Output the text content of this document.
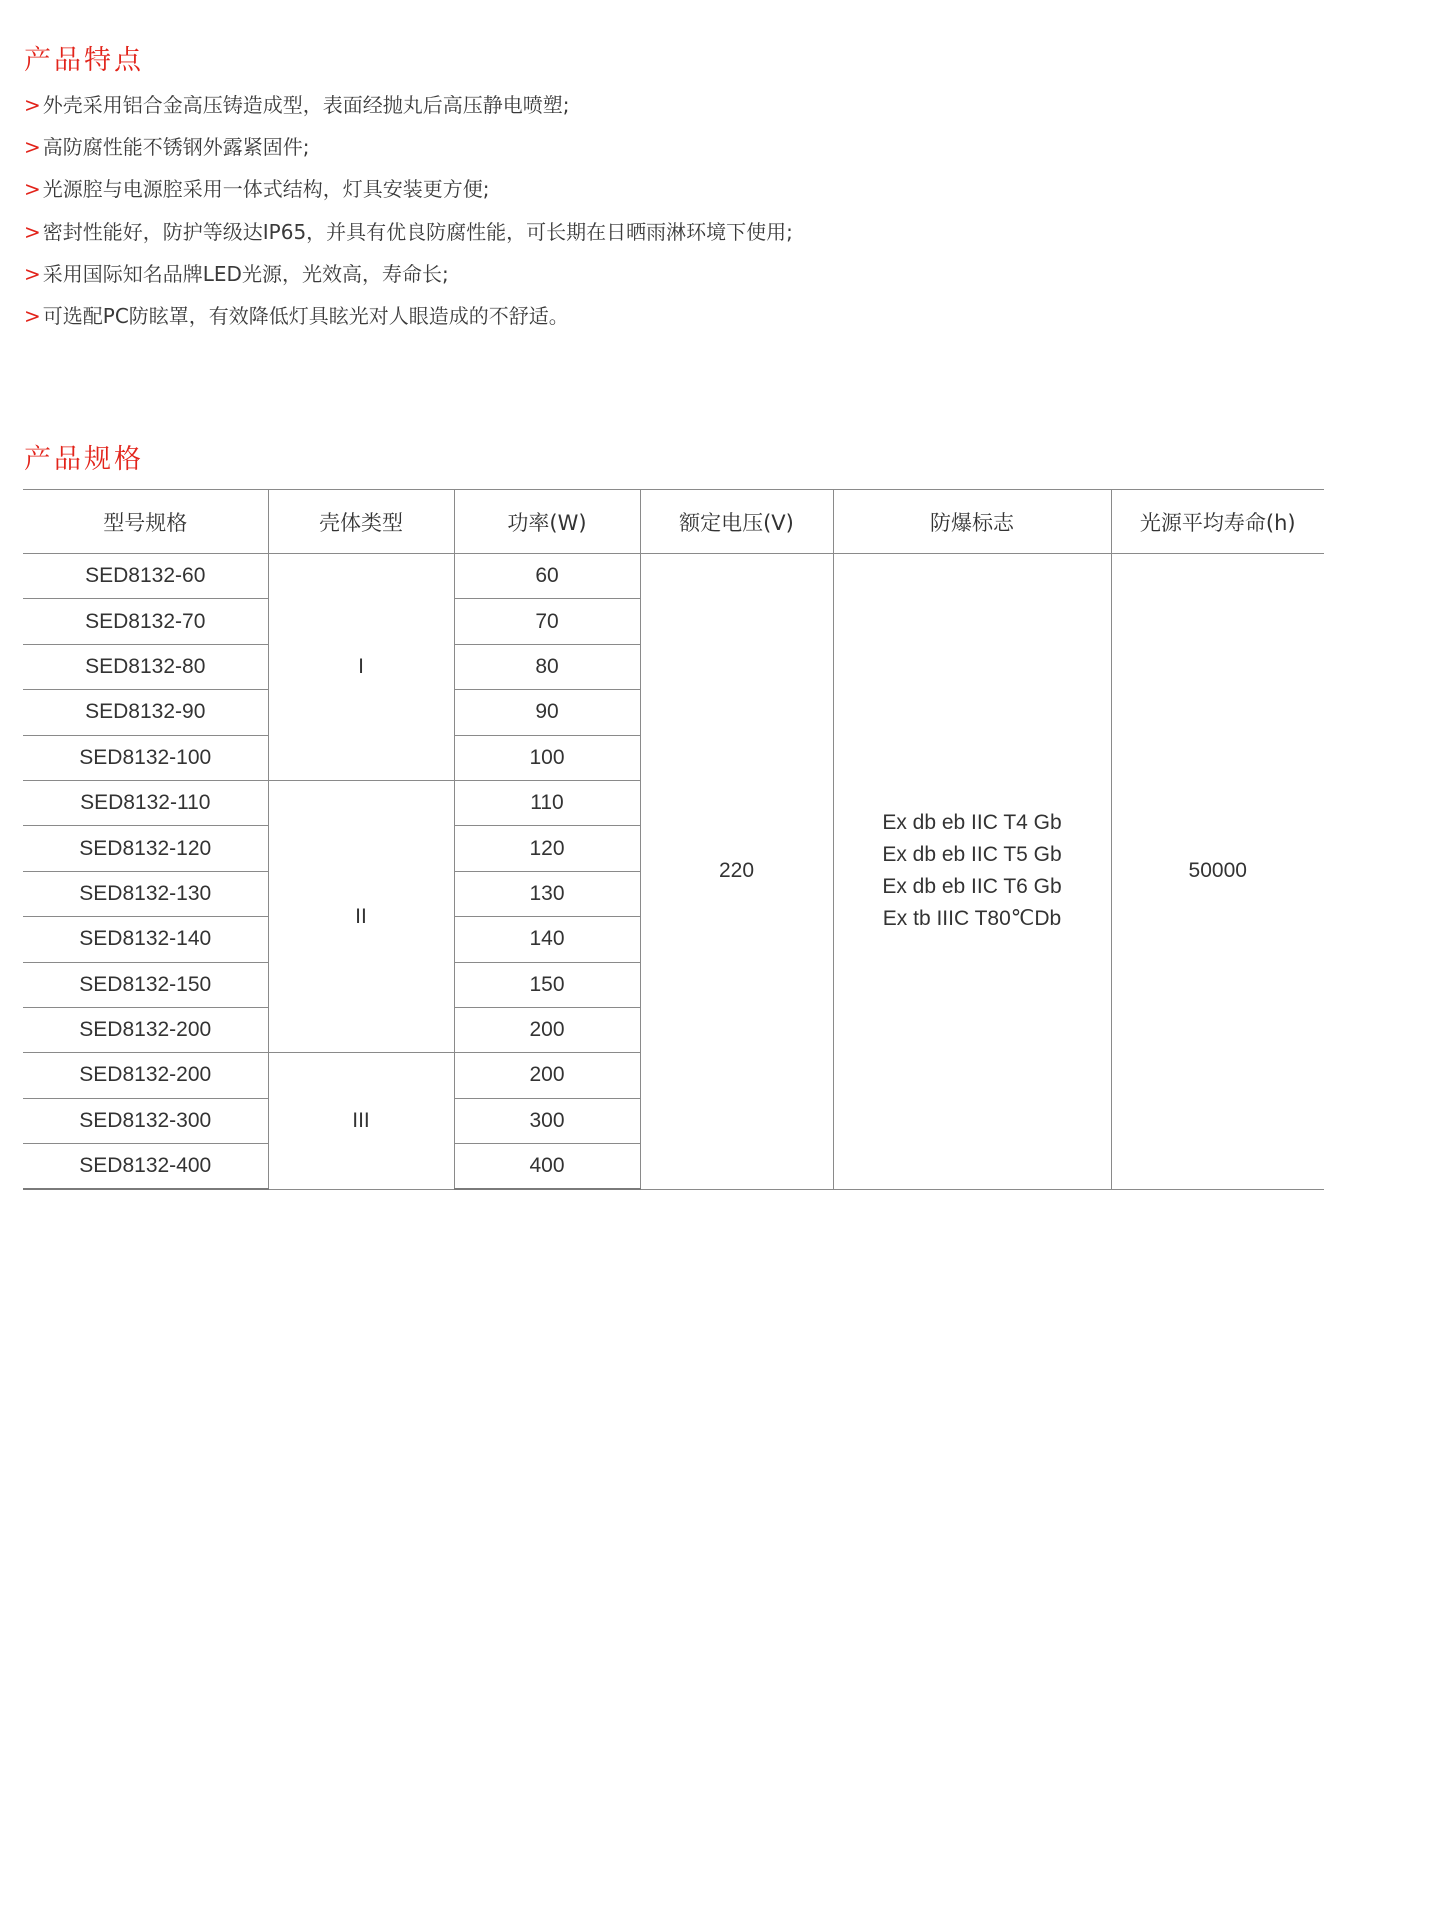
产品特点
> 外壳采用铝合金高压铸造成型，表面经抛丸后高压静电喷塑;
> 高防腐性能不锈钢外露紧固件;
> 光源腔与电源腔采用一体式结构，灯具安装更方便;
> 密封性能好，防护等级达IP65，并具有优良防腐性能，可长期在日晒雨淋环境下使用;
> 采用国际知名品牌LED光源，光效高，寿命长;
> 可选配PC防眩罩，有效降低灯具眩光对人眼造成的不舒适。
产品规格
型号规格	壳体类型	功率(W)	额定电压(V)	防爆标志	光源平均寿命(h)
SED8132-60	I	60	220	Ex db eb IIC T4 Gb
Ex db eb IIC T5 Gb
Ex db eb IIC T6 Gb
Ex tb IIIC T80℃Db	50000
SED8132-70		70			
SED8132-80		80			
SED8132-90		90			
SED8132-100		100			
SED8132-110	II	110			
SED8132-120		120			
SED8132-130		130			
SED8132-140		140			
SED8132-150		150			
SED8132-200		200			
SED8132-200	III	200			
SED8132-300		300			
SED8132-400		400			
